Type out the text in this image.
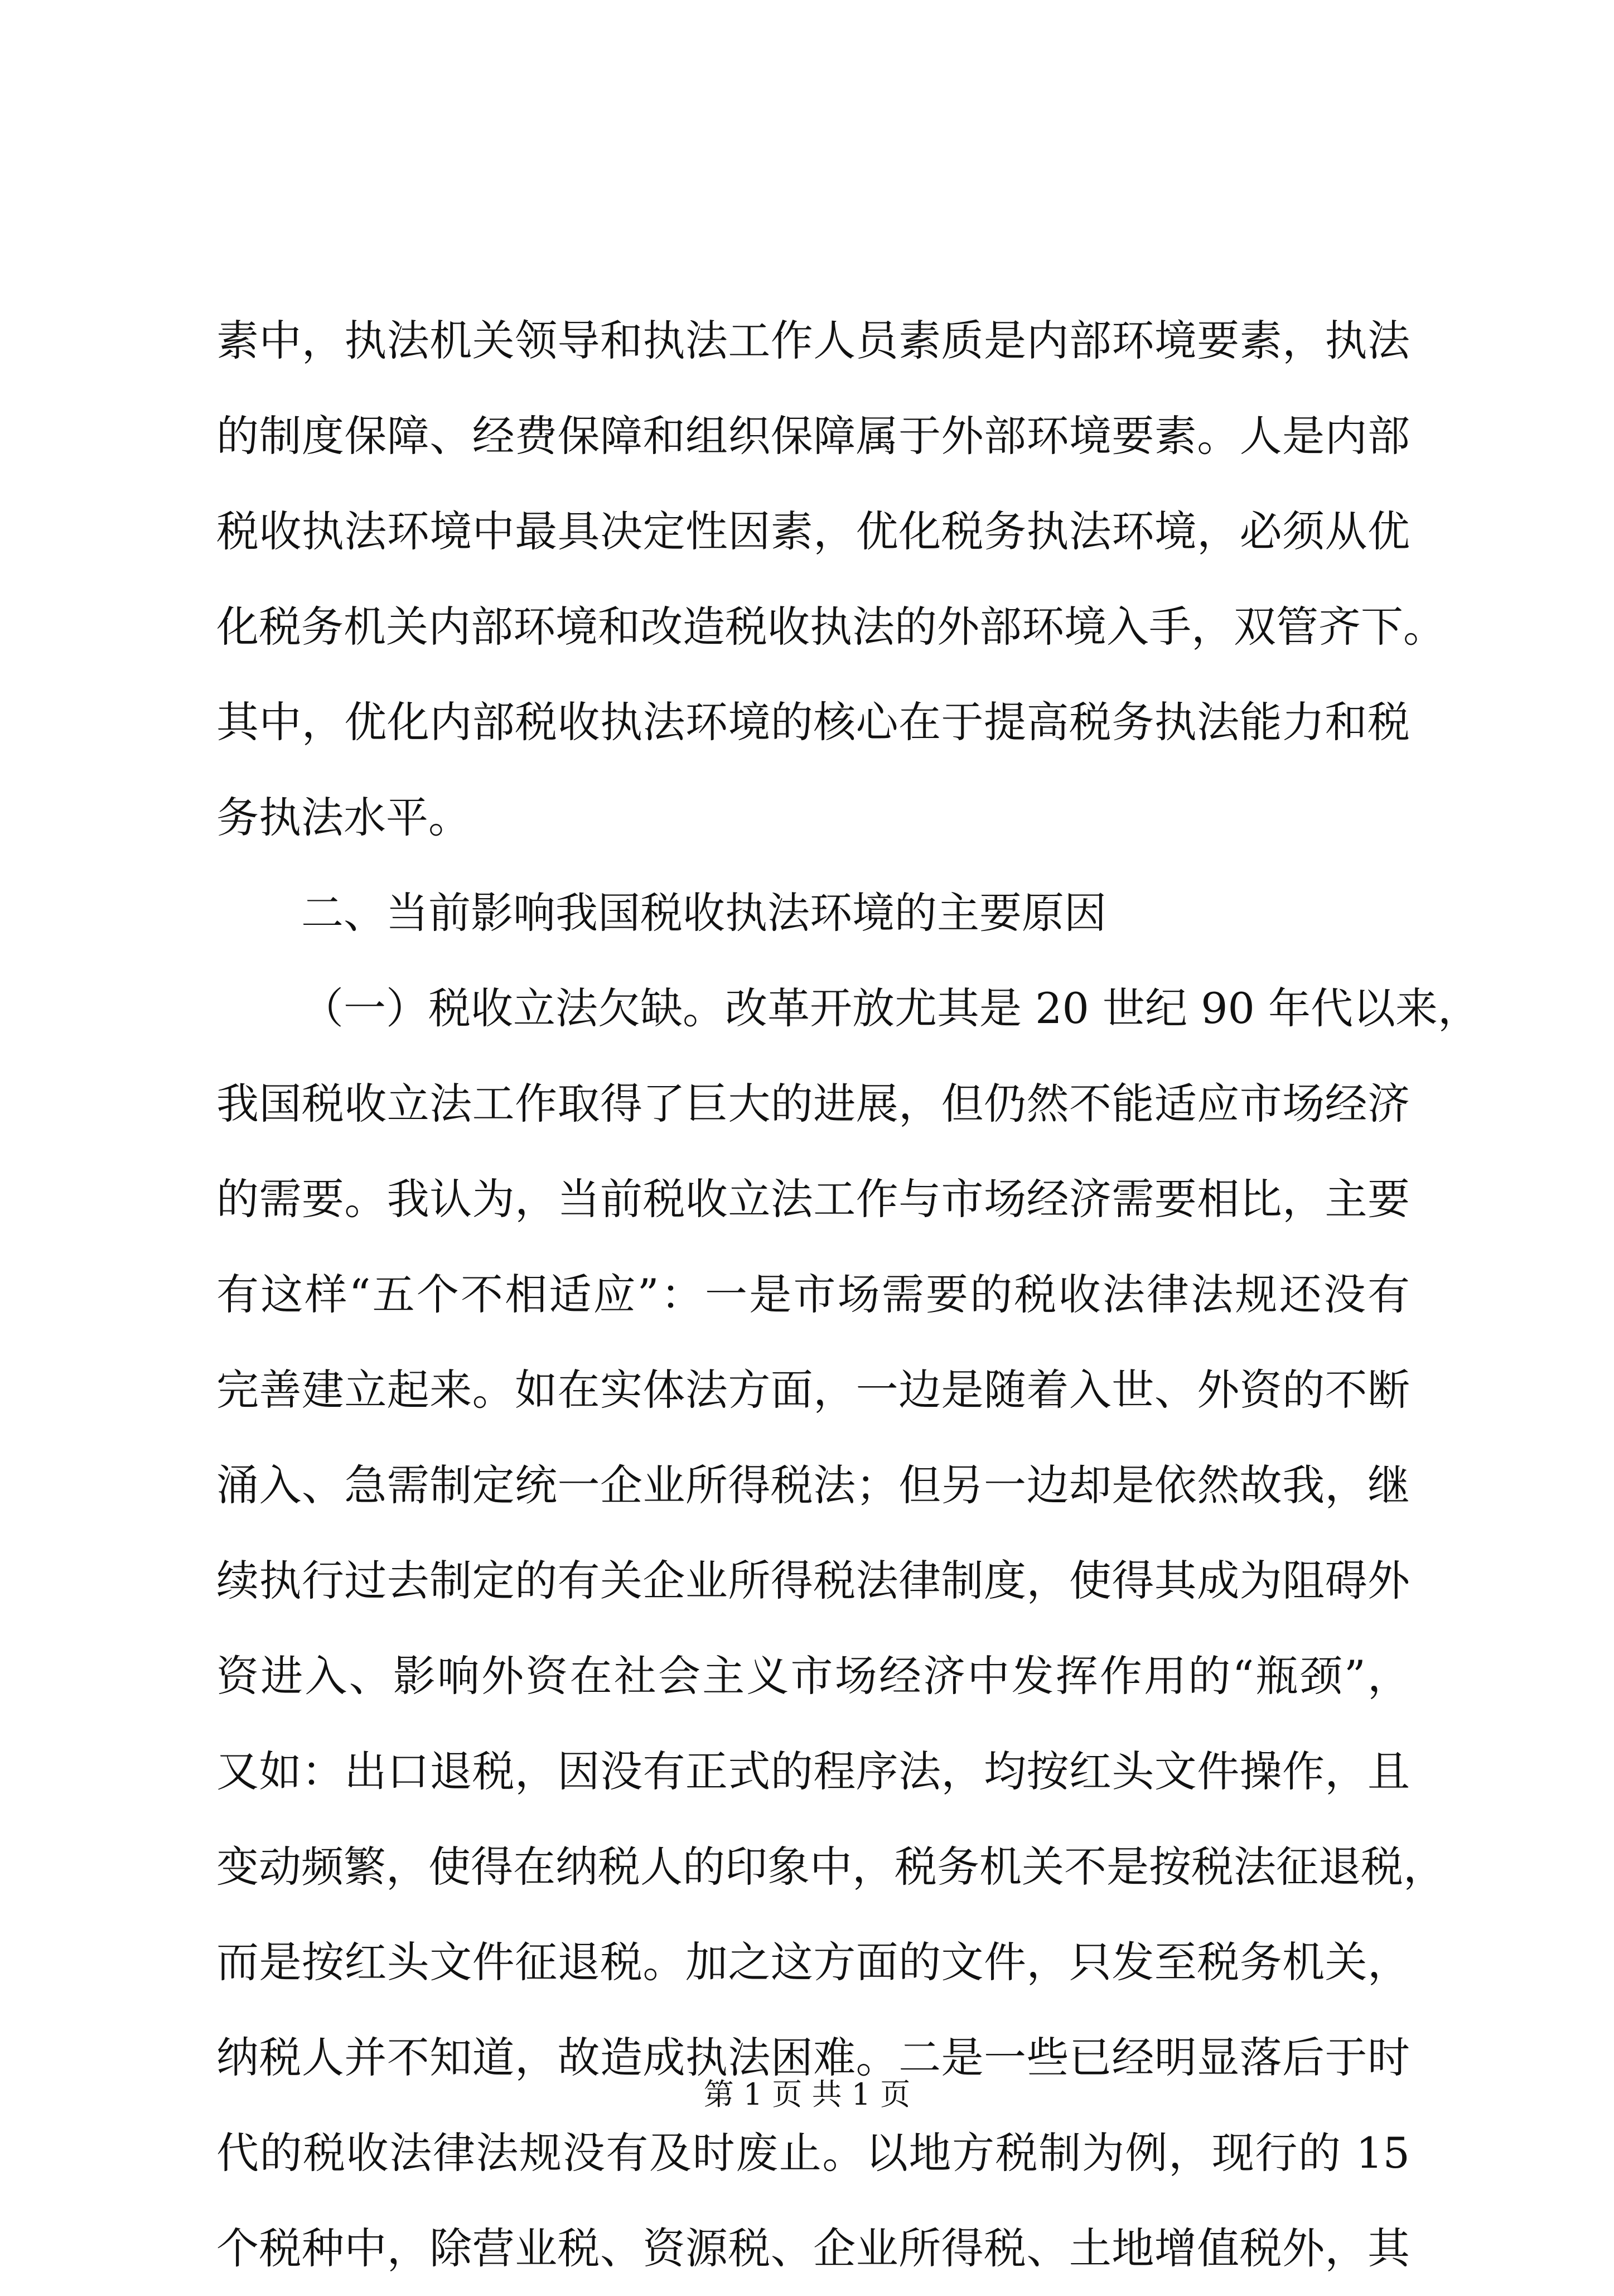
素中，执法机关领导和执法工作人员素质是内部环境要素，执法
的制度保障、经费保障和组织保障属于外部环境要素。人是内部
税收执法环境中最具决定性因素，优化税务执法环境，必须从优
化税务机关内部环境和改造税收执法的外部环境入手，双管齐下。
其中，优化内部税收执法环境的核心在于提高税务执法能力和税
务执法水平。
二、当前影响我国税收执法环境的主要原因
（一）税收立法欠缺。改革开放尤其是 20 世纪 90 年代以来，
我国税收立法工作取得了巨大的进展，但仍然不能适应市场经济
的需要。我认为，当前税收立法工作与市场经济需要相比，主要
有这样“五个不相适应”：一是市场需要的税收法律法规还没有
完善建立起来。如在实体法方面，一边是随着入世、外资的不断
涌入、急需制定统一企业所得税法；但另一边却是依然故我，继
续执行过去制定的有关企业所得税法律制度，使得其成为阻碍外
资进入、影响外资在社会主义市场经济中发挥作用的“瓶颈”，
又如：出口退税，因没有正式的程序法，均按红头文件操作，且
变动频繁，使得在纳税人的印象中，税务机关不是按税法征退税，
而是按红头文件征退税。加之这方面的文件，只发至税务机关，
纳税人并不知道，故造成执法困难。二是一些已经明显落后于时
代的税收法律法规没有及时废止。以地方税制为例，现行的 15
个税种中，除营业税、资源税、企业所得税、土地增值税外，其
第 1 页 共 1 页
